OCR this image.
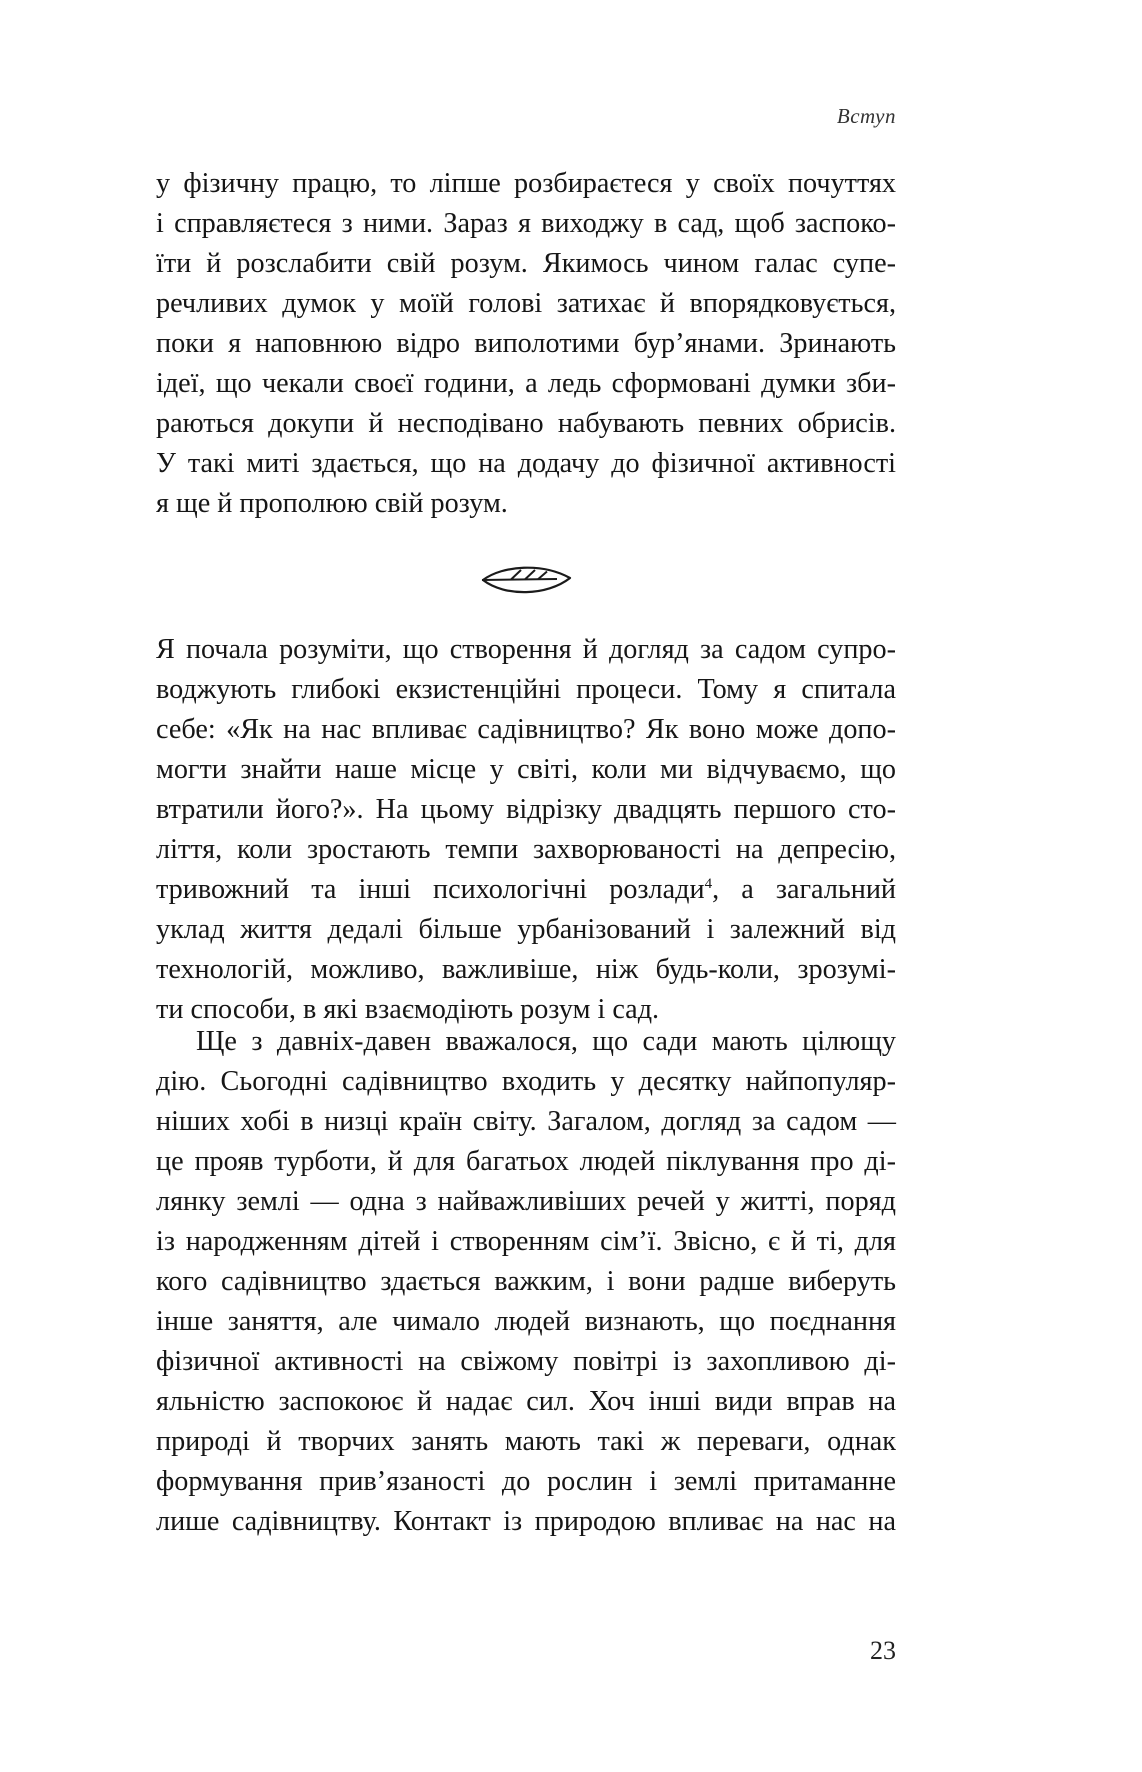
Вступ
у фізичну працю, то ліпше розбираєтеся у своїх почуттях
і справляєтеся з ними. Зараз я виходжу в сад, щоб заспоко-
їти й розслабити свій розум. Якимось чином галас супе-
речливих думок у моїй голові затихає й впорядковується,
поки я наповнюю відро виполотими бур’янами. Зринають
ідеї, що чекали своєї години, а ледь сформовані думки зби-
раються докупи й несподівано набувають певних обрисів.
У такі миті здається, що на додачу до фізичної активності
я ще й прополюю свій розум.
Я почала розуміти, що створення й догляд за садом супро-
воджують глибокі екзистенційні процеси. Тому я спитала
себе: «Як на нас впливає садівництво? Як воно може допо-
могти знайти наше місце у світі, коли ми відчуваємо, що
втратили його?». На цьому відрізку двадцять першого сто-
ліття, коли зростають темпи захворюваності на депресію,
тривожний та інші психологічні розлади$^4$, а загальний
уклад життя дедалі більше урбанізований і залежний від
технологій, можливо, важливіше, ніж будь-коли, зрозумі-
ти способи, в які взаємодіють розум і сад.
Ще з давніх-давен вважалося, що сади мають цілющу
дію. Сьогодні садівництво входить у десятку найпопуляр-
ніших хобі в низці країн світу. Загалом, догляд за садом —
це прояв турботи, й для багатьох людей піклування про ді-
лянку землі — одна з найважливіших речей у житті, поряд
із народженням дітей і створенням сім’ї. Звісно, є й ті, для
кого садівництво здається важким, і вони радше виберуть
інше заняття, але чимало людей визнають, що поєднання
фізичної активності на свіжому повітрі із захопливою ді-
яльністю заспокоює й надає сил. Хоч інші види вправ на
природі й творчих занять мають такі ж переваги, однак
формування прив’язаності до рослин і землі притаманне
лише садівництву. Контакт із природою впливає на нас на
23
